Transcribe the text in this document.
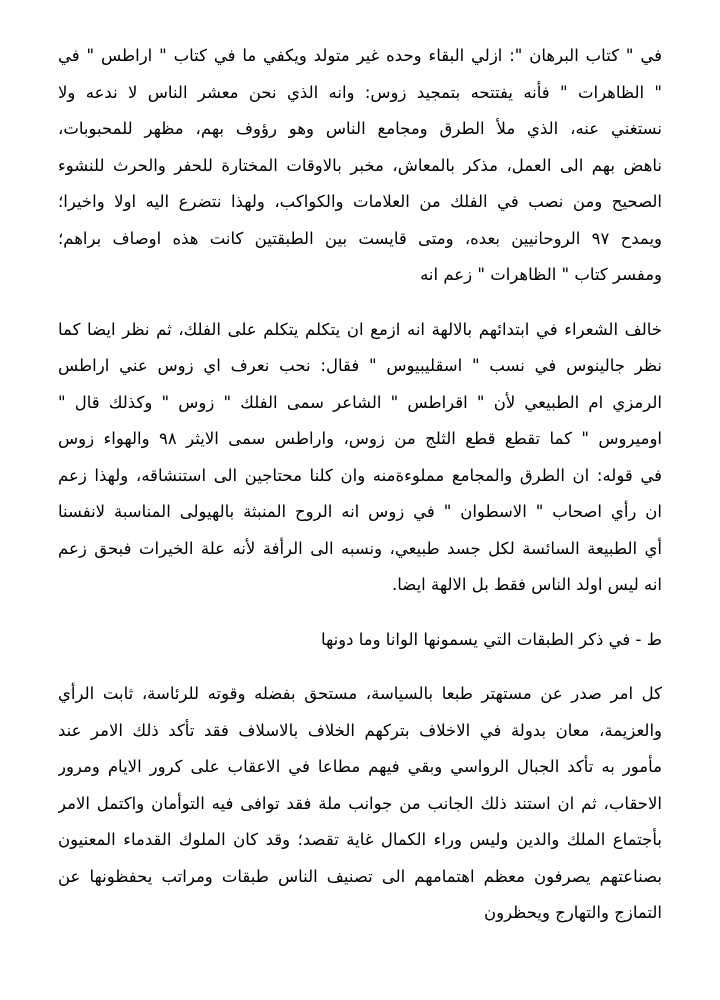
في " كتاب البرهان ": ازلي البقاء وحده غير متولد ويكفي ما في كتاب " اراطس " في
" الظاهرات " فأنه يفتتحه بتمجيد زوس: وانه الذي نحن معشر الناس لا ندعه ولا
نستغني عنه، الذي ملأ الطرق ومجامع الناس وهو رؤوف بهم، مظهر للمحبوبات،
ناهض بهم الى العمل، مذكر بالمعاش، مخبر بالاوقات المختارة للحفر والحرث للنشوء
الصحيح ومن نصب في الفلك من العلامات والكواكب، ولهذا نتضرع اليه اولا واخيرا؛
ويمدح ٩٧ الروحانيين بعده، ومتى قايست بين الطبقتين كانت هذه اوصاف براهم؛
ومفسر كتاب " الظاهرات " زعم انه
خالف الشعراء في ابتدائهم بالالهة انه ازمع ان يتكلم يتكلم على الفلك، ثم نظر ايضا كما
نظر جالينوس في نسب " اسقليبيوس " فقال: نحب نعرف اي زوس عني اراطس
الرمزي ام الطبيعي لأن " اقراطس " الشاعر سمى الفلك " زوس " وكذلك قال "
اوميروس " كما تقطع قطع الثلج من زوس، واراطس سمى الايثر ٩٨ والهواء زوس
في قوله: ان الطرق والمجامع مملوءةمنه وان كلنا محتاجين الى استنشاقه، ولهذا زعم
ان رأي اصحاب " الاسطوان " في زوس انه الروح المنبثة بالهيولى المناسبة لانفسنا
أي الطبيعة السائسة لكل جسد طبيعي، ونسبه الى الرأفة لأنه علة الخيرات فبحق زعم
انه ليس اولد الناس فقط بل الالهة ايضا.
ط - في ذكر الطبقات التي يسمونها الوانا وما دونها
كل امر صدر عن مستهتر طبعا بالسياسة، مستحق بفضله وقوته للرئاسة، ثابت الرأي
والعزيمة، معان بدولة في الاخلاف بتركهم الخلاف بالاسلاف فقد تأكد ذلك الامر عند
مأمور به تأكد الجبال الرواسي وبقي فيهم مطاعا في الاعقاب على كرور الايام ومرور
الاحقاب، ثم ان استند ذلك الجانب من جوانب ملة فقد توافى فيه التوأمان واكتمل الامر
بأجتماع الملك والدين وليس وراء الكمال غاية تقصد؛ وقد كان الملوك القدماء المعنيون
بصناعتهم يصرفون معظم اهتمامهم الى تصنيف الناس طبقات ومراتب يحفظونها عن
التمازج والتهارج ويحظرون
